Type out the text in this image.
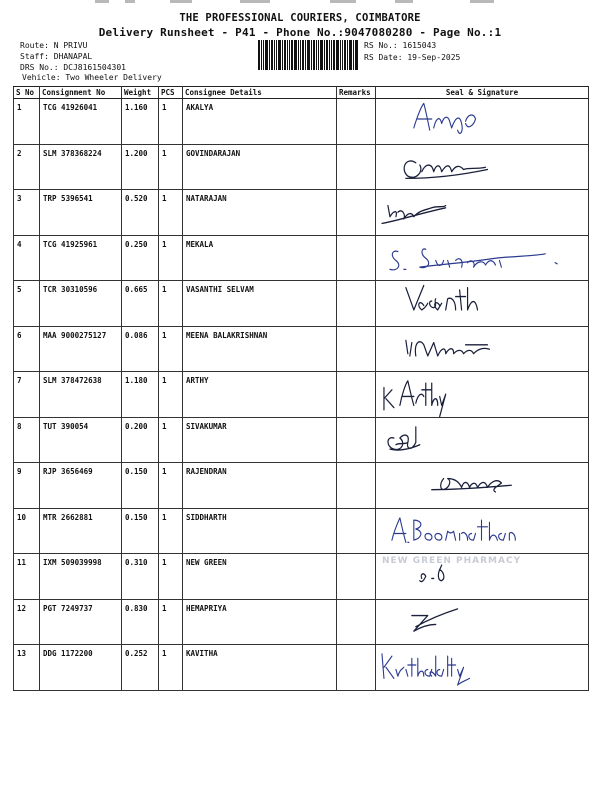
THE PROFESSIONAL COURIERS, COIMBATORE
Delivery Runsheet - P41 - Phone No.:9047080280 - Page No.:1
Route: N PRIVU
Staff: DHANAPAL
DRS No.: DCJ8161504301
Vehicle: Two Wheeler Delivery
RS No.: 1615043
RS Date: 19-Sep-2025
S No	Consignment No	Weight	PCS	Consignee Details	Remarks	Seal & Signature
1	TCG 41926041	1.160	1	AKALYA		

2	SLM 378368224	1.200	1	GOVINDARAJAN		

3	TRP 5396541	0.520	1	NATARAJAN		

4	TCG 41925961	0.250	1	MEKALA		

5	TCR 30310596	0.665	1	VASANTHI SELVAM		

6	MAA 9000275127	0.086	1	MEENA BALAKRISHNAN		

7	SLM 378472638	1.180	1	ARTHY		

8	TUT 390054	0.200	1	SIVAKUMAR		

9	RJP 3656469	0.150	1	RAJENDRAN		

10	MTR 2662881	0.150	1	SIDDHARTH		

11	IXM 509039998	0.310	1	NEW GREEN		NEW GREEN PHARMACY

12	PGT 7249737	0.830	1	HEMAPRIYA		

13	DDG 1172200	0.252	1	KAVITHA		
